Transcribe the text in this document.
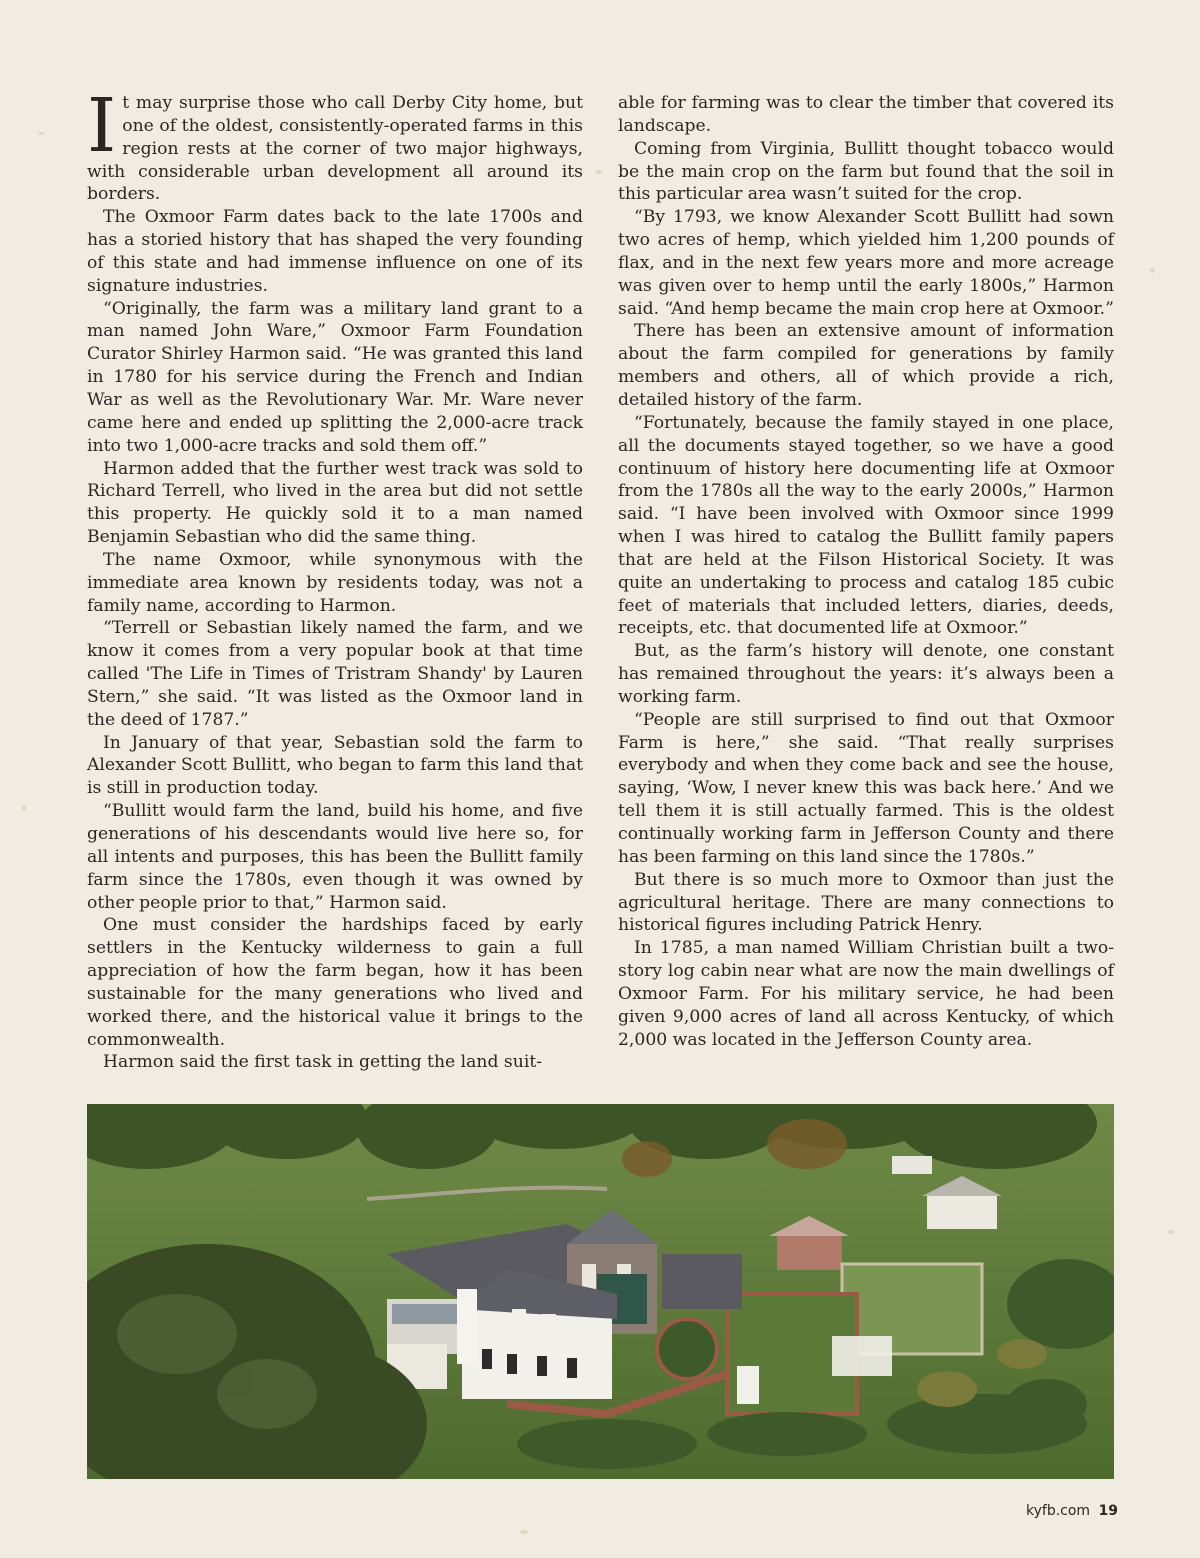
It may surprise those who call Derby City home, but one of the oldest, consistently-operated farms in this region rests at the corner of two major highways, with considerable urban development all around its borders.

The Oxmoor Farm dates back to the late 1700s and has a storied history that has shaped the very founding of this state and had immense influence on one of its signature industries.

“Originally, the farm was a military land grant to a man named John Ware,” Oxmoor Farm Foundation Curator Shirley Harmon said. “He was granted this land in 1780 for his service during the French and Indian War as well as the Revolutionary War. Mr. Ware never came here and ended up splitting the 2,000-acre track into two 1,000-acre tracks and sold them off.”

Harmon added that the further west track was sold to Richard Terrell, who lived in the area but did not settle this property. He quickly sold it to a man named Benjamin Sebastian who did the same thing.

The name Oxmoor, while synonymous with the immediate area known by residents today, was not a family name, according to Harmon.

“Terrell or Sebastian likely named the farm, and we know it comes from a very popular book at that time called 'The Life in Times of Tristram Shandy' by Lauren Stern,” she said. “It was listed as the Oxmoor land in the deed of 1787.”

In January of that year, Sebastian sold the farm to Alexander Scott Bullitt, who began to farm this land that is still in production today.

“Bullitt would farm the land, build his home, and five generations of his descendants would live here so, for all intents and purposes, this has been the Bullitt family farm since the 1780s, even though it was owned by other people prior to that,” Harmon said.

One must consider the hardships faced by early settlers in the Kentucky wilderness to gain a full appreciation of how the farm began, how it has been sustainable for the many generations who lived and worked there, and the historical value it brings to the commonwealth.

Harmon said the first task in getting the land suit-

able for farming was to clear the timber that covered its landscape.

Coming from Virginia, Bullitt thought tobacco would be the main crop on the farm but found that the soil in this particular area wasn’t suited for the crop.

“By 1793, we know Alexander Scott Bullitt had sown two acres of hemp, which yielded him 1,200 pounds of flax, and in the next few years more and more acreage was given over to hemp until the early 1800s,” Harmon said. “And hemp became the main crop here at Oxmoor.”

There has been an extensive amount of information about the farm compiled for generations by family members and others, all of which provide a rich, detailed history of the farm.

“Fortunately, because the family stayed in one place, all the documents stayed together, so we have a good continuum of history here documenting life at Oxmoor from the 1780s all the way to the early 2000s,” Harmon said. “I have been involved with Oxmoor since 1999 when I was hired to catalog the Bullitt family papers that are held at the Filson Historical Society. It was quite an undertaking to process and catalog 185 cubic feet of materials that included letters, diaries, deeds, receipts, etc. that documented life at Oxmoor.”

But, as the farm’s history will denote, one constant has remained throughout the years: it’s always been a working farm.

“People are still surprised to find out that Oxmoor Farm is here,” she said. “That really surprises everybody and when they come back and see the house, saying, ‘Wow, I never knew this was back here.’ And we tell them it is still actually farmed. This is the oldest continually working farm in Jefferson County and there has been farming on this land since the 1780s.”

But there is so much more to Oxmoor than just the agricultural heritage. There are many connections to historical figures including Patrick Henry.

In 1785, a man named William Christian built a two-story log cabin near what are now the main dwellings of Oxmoor Farm. For his military service, he had been given 9,000 acres of land all across Kentucky, of which 2,000 was located in the Jefferson County area.

kyfb.com 19
